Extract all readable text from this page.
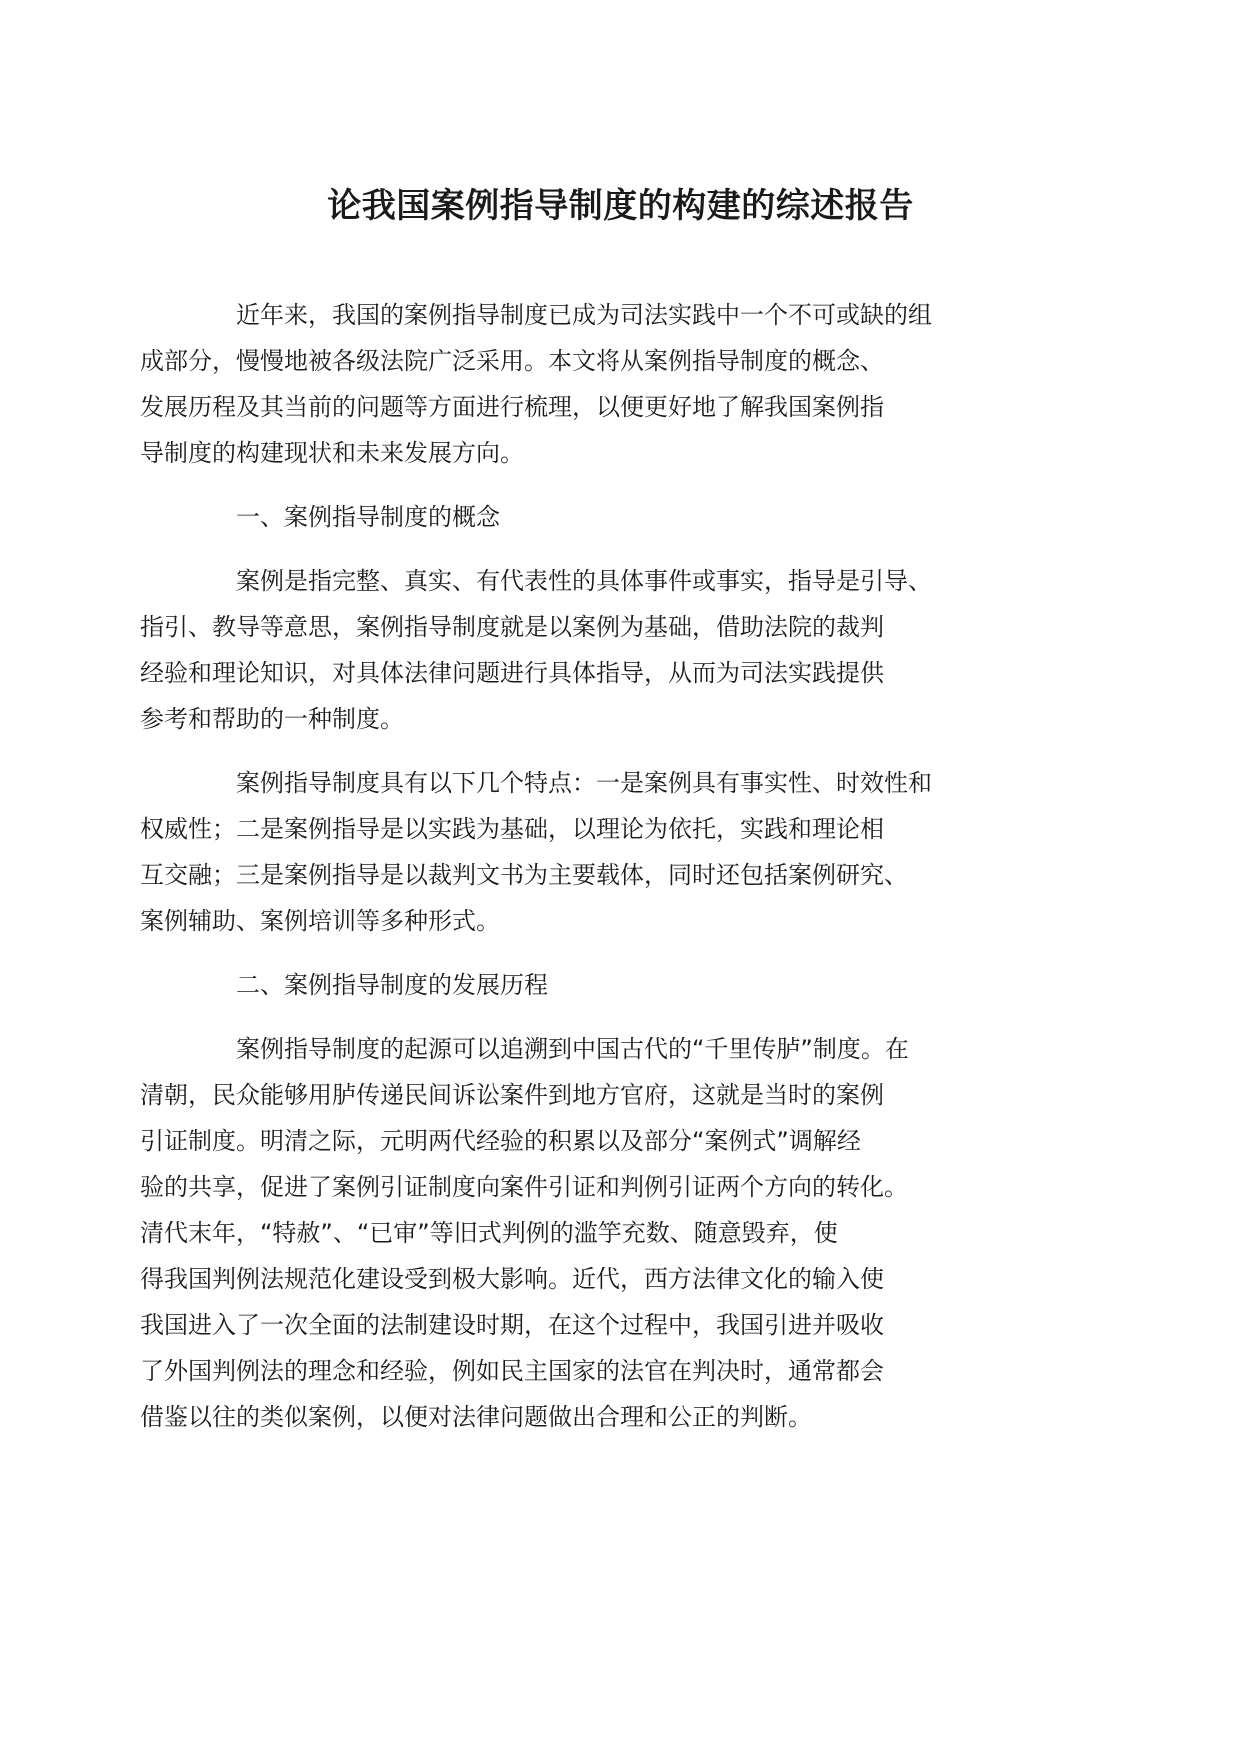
论我国案例指导制度的构建的综述报告

近年来，我国的案例指导制度已成为司法实践中一个不可或缺的组
成部分，慢慢地被各级法院广泛采用。本文将从案例指导制度的概念、
发展历程及其当前的问题等方面进行梳理，以便更好地了解我国案例指
导制度的构建现状和未来发展方向。

一、案例指导制度的概念

案例是指完整、真实、有代表性的具体事件或事实，指导是引导、
指引、教导等意思，案例指导制度就是以案例为基础，借助法院的裁判
经验和理论知识，对具体法律问题进行具体指导，从而为司法实践提供
参考和帮助的一种制度。

案例指导制度具有以下几个特点：一是案例具有事实性、时效性和
权威性；二是案例指导是以实践为基础，以理论为依托，实践和理论相
互交融；三是案例指导是以裁判文书为主要载体，同时还包括案例研究、
案例辅助、案例培训等多种形式。

二、案例指导制度的发展历程

案例指导制度的起源可以追溯到中国古代的“千里传胪”制度。在
清朝，民众能够用胪传递民间诉讼案件到地方官府，这就是当时的案例
引证制度。明清之际，元明两代经验的积累以及部分“案例式”调解经
验的共享，促进了案例引证制度向案件引证和判例引证两个方向的转化。
清代末年，“特赦”、“已审”等旧式判例的滥竽充数、随意毁弃，使
得我国判例法规范化建设受到极大影响。近代，西方法律文化的输入使
我国进入了一次全面的法制建设时期，在这个过程中，我国引进并吸收
了外国判例法的理念和经验，例如民主国家的法官在判决时，通常都会
借鉴以往的类似案例，以便对法律问题做出合理和公正的判断。
